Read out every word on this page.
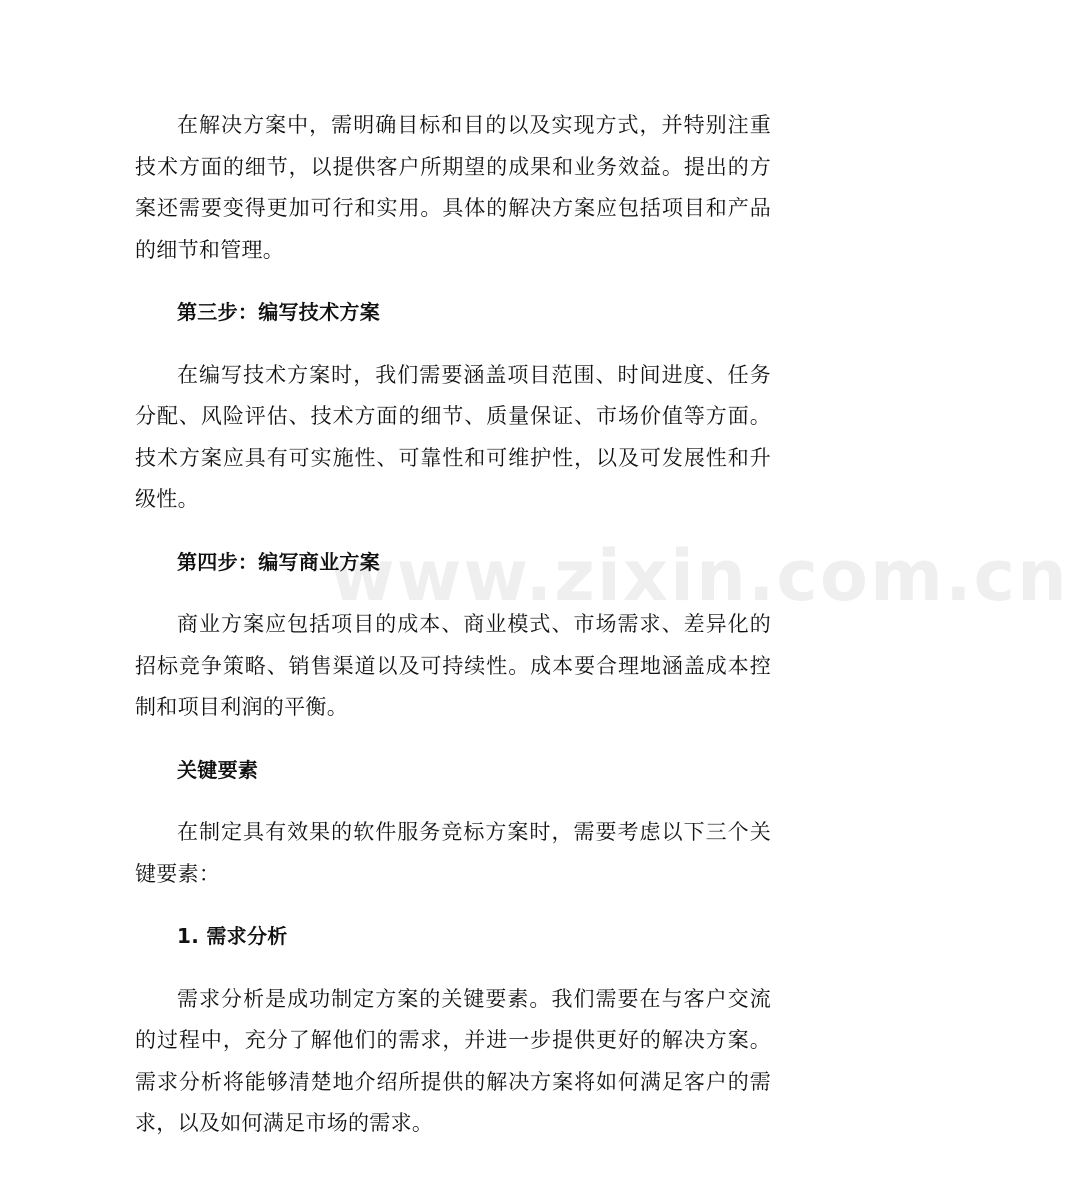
在解决方案中，需明确目标和目的以及实现方式，并特别注重技术方面的细节，以提供客户所期望的成果和业务效益。提出的方案还需要变得更加可行和实用。具体的解决方案应包括项目和产品的细节和管理。

第三步：编写技术方案

在编写技术方案时，我们需要涵盖项目范围、时间进度、任务分配、风险评估、技术方面的细节、质量保证、市场价值等方面。技术方案应具有可实施性、可靠性和可维护性，以及可发展性和升级性。

第四步：编写商业方案

商业方案应包括项目的成本、商业模式、市场需求、差异化的招标竞争策略、销售渠道以及可持续性。成本要合理地涵盖成本控制和项目利润的平衡。

关键要素

在制定具有效果的软件服务竞标方案时，需要考虑以下三个关键要素：

1. 需求分析

需求分析是成功制定方案的关键要素。我们需要在与客户交流的过程中，充分了解他们的需求，并进一步提供更好的解决方案。需求分析将能够清楚地介绍所提供的解决方案将如何满足客户的需求，以及如何满足市场的需求。

www.zixin.com.cn
